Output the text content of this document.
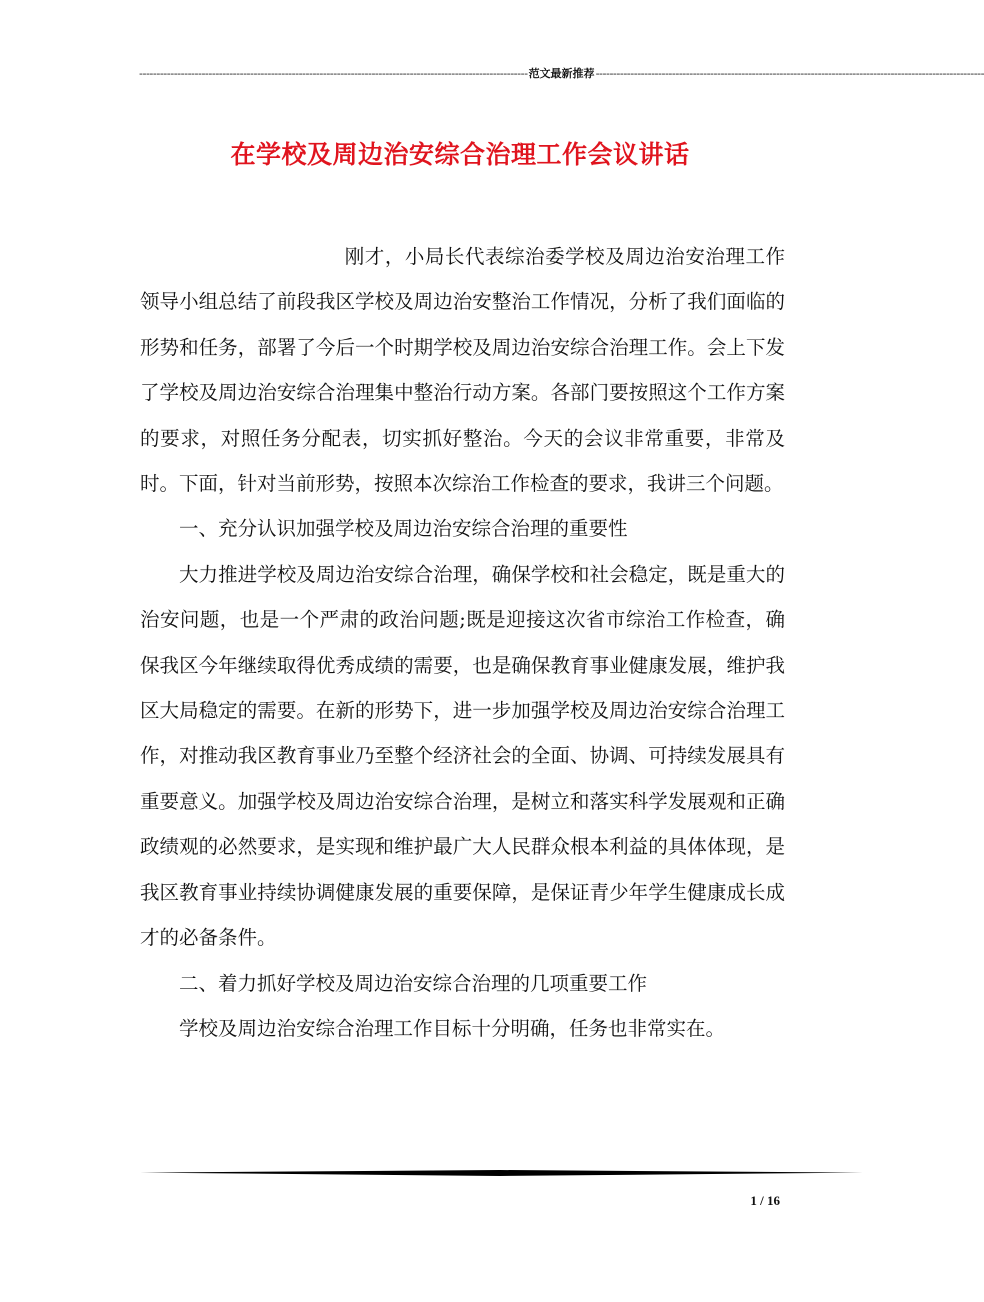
---------------------------------------------------------------------------------------------------------------- 范文最新推荐 ----------------------------------------------------------------------------------------------------------------
在学校及周边治安综合治理工作会议讲话

刚才，小局长代表综治委学校及周边治安治理工作领导小组总结了前段我区学校及周边治安整治工作情况，分析了我们面临的形势和任务，部署了今后一个时期学校及周边治安综合治理工作。会上下发了学校及周边治安综合治理集中整治行动方案。各部门要按照这个工作方案的要求，对照任务分配表，切实抓好整治。今天的会议非常重要，非常及时。下面，针对当前形势，按照本次综治工作检查的要求，我讲三个问题。

一、充分认识加强学校及周边治安综合治理的重要性

大力推进学校及周边治安综合治理，确保学校和社会稳定，既是重大的治安问题，也是一个严肃的政治问题;既是迎接这次省市综治工作检查，确保我区今年继续取得优秀成绩的需要，也是确保教育事业健康发展，维护我区大局稳定的需要。在新的形势下，进一步加强学校及周边治安综合治理工作，对推动我区教育事业乃至整个经济社会的全面、协调、可持续发展具有重要意义。加强学校及周边治安综合治理，是树立和落实科学发展观和正确政绩观的必然要求，是实现和维护最广大人民群众根本利益的具体体现，是我区教育事业持续协调健康发展的重要保障，是保证青少年学生健康成长成才的必备条件。

二、着力抓好学校及周边治安综合治理的几项重要工作

学校及周边治安综合治理工作目标十分明确，任务也非常实在。

1 / 16
